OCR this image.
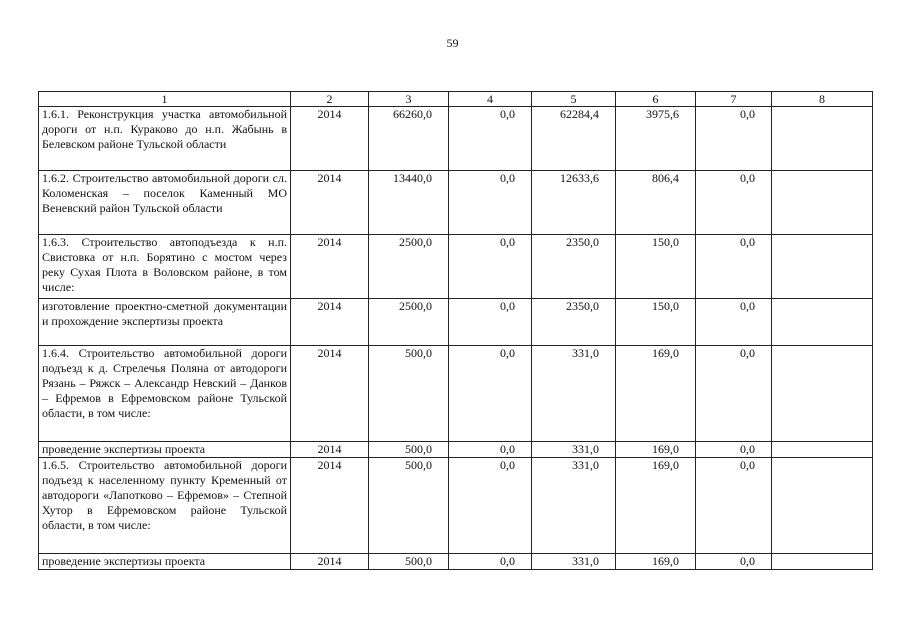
59
1	2	3	4	5	6	7	8
1.6.1. Реконструкция участка автомобильной дороги от н.п. Кураково до н.п. Жабынь в Белевском районе Тульской области	2014	66260,0	0,0	62284,4	3975,6	0,0	
1.6.2. Строительство автомобильной дороги сл. Коломенская – поселок Каменный МО Веневский район Тульской области	2014	13440,0	0,0	12633,6	806,4	0,0	
1.6.3. Строительство автоподъезда к н.п. Свистовка от н.п. Борятино с мостом через реку Сухая Плота в Воловском районе, в том числе:	2014	2500,0	0,0	2350,0	150,0	0,0	
изготовление проектно-сметной документации и прохождение экспертизы проекта	2014	2500,0	0,0	2350,0	150,0	0,0	
1.6.4. Строительство автомобильной дороги подъезд к д. Стрелечья Поляна от автодороги Рязань – Ряжск – Александр Невский – Данков – Ефремов в Ефремовском районе Тульской области, в том числе:	2014	500,0	0,0	331,0	169,0	0,0	
проведение экспертизы проекта	2014	500,0	0,0	331,0	169,0	0,0	
1.6.5. Строительство автомобильной дороги подъезд к населенному пункту Кременный от автодороги «Лапотково – Ефремов» – Степной Хутор в Ефремовском районе Тульской области, в том числе:	2014	500,0	0,0	331,0	169,0	0,0	
проведение экспертизы проекта	2014	500,0	0,0	331,0	169,0	0,0	
